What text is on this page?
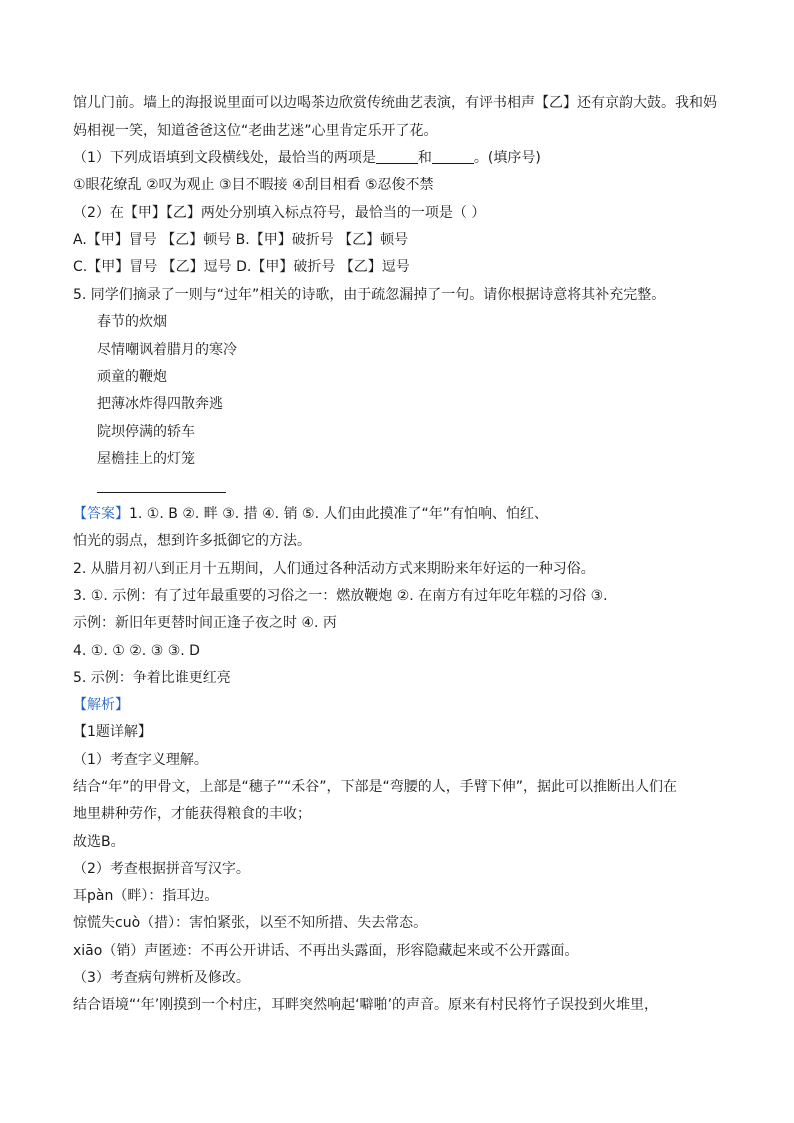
馆儿门前。墙上的海报说里面可以边喝茶边欣赏传统曲艺表演，有评书相声【乙】还有京韵大鼓。我和妈
妈相视一笑，知道爸爸这位“老曲艺迷”心里肯定乐开了花。
（1）下列成语填到文段横线处，最恰当的两项是	和	。(填序号)
①眼花缭乱 ②叹为观止 ③目不暇接 ④刮目相看 ⑤忍俊不禁
（2）在【甲】【乙】两处分别填入标点符号，最恰当的一项是（ ）
A.【甲】冒号 【乙】顿号 B.【甲】破折号 【乙】顿号
C.【甲】冒号 【乙】逗号 D.【甲】破折号 【乙】逗号
5. 同学们摘录了一则与“过年”相关的诗歌，由于疏忽漏掉了一句。请你根据诗意将其补充完整。
春节的炊烟
尽情嘲讽着腊月的寒冷
顽童的鞭炮
把薄冰炸得四散奔逃
院坝停满的轿车
屋檐挂上的灯笼
【答案】1. ①. B ②. 畔 ③. 措 ④. 销 ⑤. 人们由此摸准了“年”有怕响、怕红、
怕光的弱点，想到许多抵御它的方法。
2. 从腊月初八到正月十五期间，人们通过各种活动方式来期盼来年好运的一种习俗。
3. ①. 示例：有了过年最重要的习俗之一：燃放鞭炮 ②. 在南方有过年吃年糕的习俗 ③.
示例：新旧年更替时间正逢子夜之时 ④. 丙
4. ①. ① ②. ③ ③. D
5. 示例：争着比谁更红亮
【解析】
【1题详解】
（1）考查字义理解。
结合“年”的甲骨文，上部是“穗子”“禾谷”，下部是“弯腰的人，手臂下伸”，据此可以推断出人们在
地里耕种劳作，才能获得粮食的丰收；
故选B。
（2）考查根据拼音写汉字。
耳pàn（畔）：指耳边。
惊慌失cuò（措）：害怕紧张，以至不知所措、失去常态。
xiāo（销）声匿迹：不再公开讲话、不再出头露面，形容隐藏起来或不公开露面。
（3）考查病句辨析及修改。
结合语境“‘年’刚摸到一个村庄，耳畔突然响起‘噼啪’的声音。原来有村民将竹子误投到火堆里，
